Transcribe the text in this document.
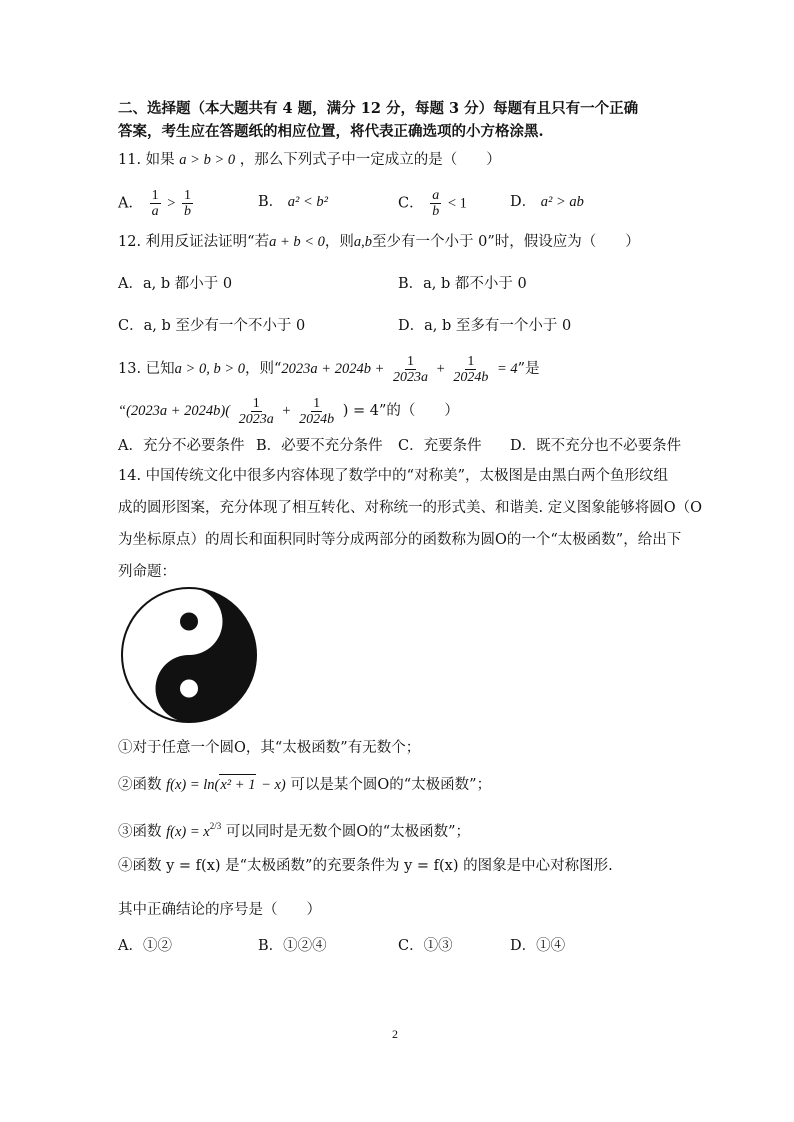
二、选择题（本大题共有 4 题，满分 12 分，每题 3 分）每题有且只有一个正确
答案，考生应在答题纸的相应位置，将代表正确选项的小方格涂黑.
11. 如果 a > b > 0 ，那么下列式子中一定成立的是（　　）
A． $\frac{1}{a} > \frac{1}{b}$	B． a² < b²	C． $\frac{a}{b} < 1$	D． a² > ab
12. 利用反证法证明“若a + b < 0，则a,b至少有一个小于 0”时，假设应为（　　）
A．a, b 都小于 0	B．a, b 都不小于 0
C．a, b 至少有一个不小于 0	D．a, b 至多有一个小于 0
13. 已知a > 0, b > 0，则“$2023a + 2024b + \frac{1}{2023a} + \frac{1}{2024b} = 4$”是
“$(2023a + 2024b)( \frac{1}{2023a} + \frac{1}{2024b}$ ) = 4”的（　　）
A．充分不必要条件 B．必要不充分条件 C．充要条件 D．既不充分也不必要条件
14. 中国传统文化中很多内容体现了数学中的“对称美”，太极图是由黑白两个鱼形纹组
成的圆形图案，充分体现了相互转化、对称统一的形式美、和谐美. 定义图象能够将圆O（O
为坐标原点）的周长和面积同时等分成两部分的函数称为圆O的一个“太极函数”，给出下
列命题：
①对于任意一个圆O，其“太极函数”有无数个；
②函数 f(x) = ln(x² + 1 − x) 可以是某个圆O的“太极函数”；
③函数 $f(x) = x^{2/3}$ 可以同时是无数个圆O的“太极函数”；
④函数 y = f(x) 是“太极函数”的充要条件为 y = f(x) 的图象是中心对称图形.
其中正确结论的序号是（　　）
A．①②	B．①②④	C．①③	D．①④
2
